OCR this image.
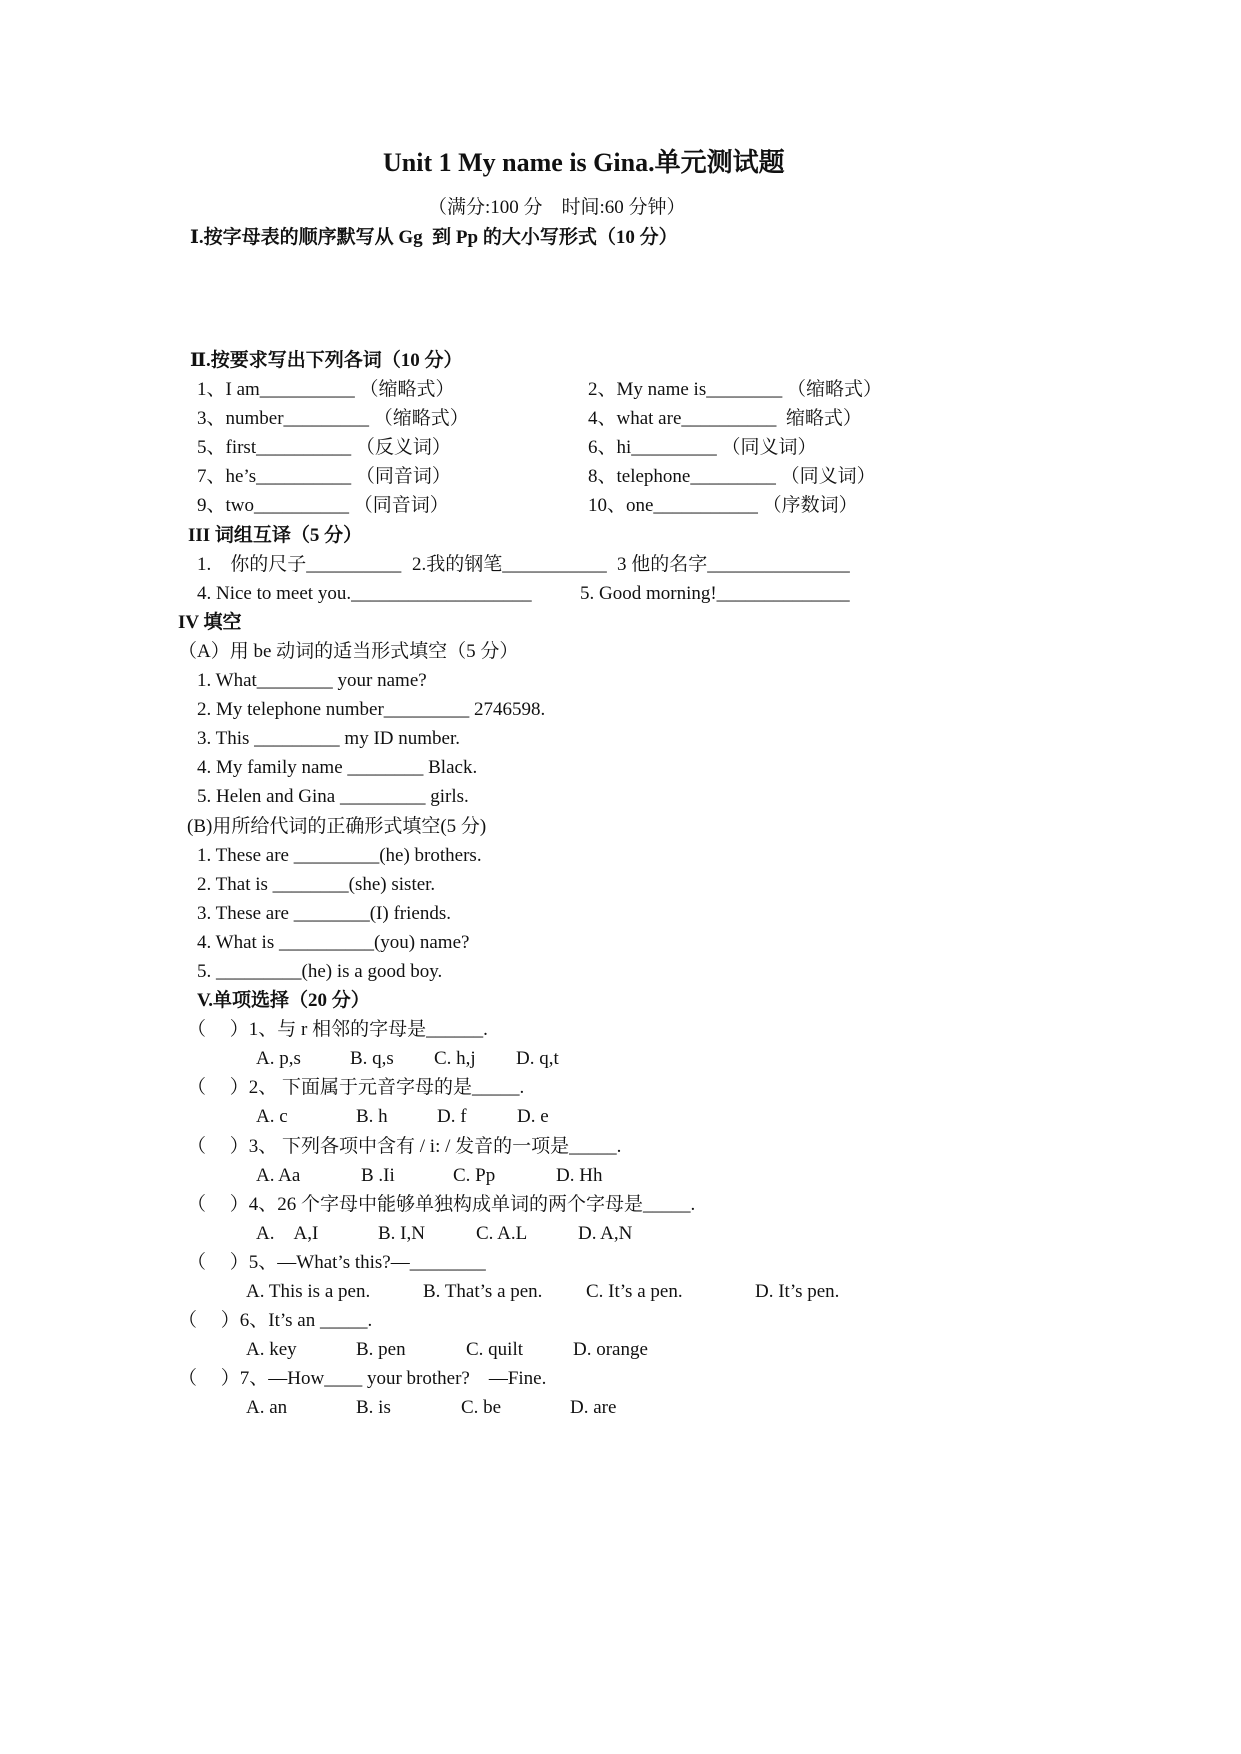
Unit 1 My name is Gina.单元测试题
（满分:100 分　时间:60 分钟）
Ⅰ.按字母表的顺序默写从 Gg  到 Pp 的大小写形式（10 分）
Ⅱ.按要求写出下列各词（10 分）
1、I am__________ （缩略式）	2、My name is________ （缩略式）
3、number_________ （缩略式）	4、what are__________  缩略式）
5、first__________ （反义词）	6、hi_________ （同义词）
7、he’s__________ （同音词）	8、telephone_________ （同义词）
9、two__________ （同音词）	10、one___________ （序数词）
III 词组互译（5 分）
1.　你的尺子__________ 2.我的钢笔___________ 3 他的名字_______________
4. Nice to meet you.___________________	5. Good morning!______________
IV 填空
（A）用 be 动词的适当形式填空（5 分）
1. What________ your name?
2. My telephone number_________ 2746598.
3. This _________ my ID number.
4. My family name ________ Black.
5. Helen and Gina _________ girls.
(B)用所给代词的正确形式填空(5 分)
1. These are _________(he) brothers.
2. That is ________(she) sister.
3. These are ________(I) friends.
4. What is __________(you) name?
5. _________(he) is a good boy.
V.单项选择（20 分）
（　 ）1、与 r 相邻的字母是______.
A. p,s	B. q,s	C. h,j	D. q,t
（　 ）2、 下面属于元音字母的是_____.
A. c	B. h	D. f	D. e
（　 ）3、 下列各项中含有 / i: / 发音的一项是_____.
A. Aa	B .Ii	C. Pp	D. Hh
（　 ）4、26 个字母中能够单独构成单词的两个字母是_____.
A.　A,I	B. I,N	C. A.L	D. A,N
（　 ）5、—What’s this?—________
A. This is a pen.	B. That’s a pen.	C. It’s a pen.	D. It’s pen.
（　 ）6、It’s an _____.
A. key	B. pen	C. quilt	D. orange
（　 ）7、—How____ your brother?　—Fine.
A. an	B. is	C. be	D. are
